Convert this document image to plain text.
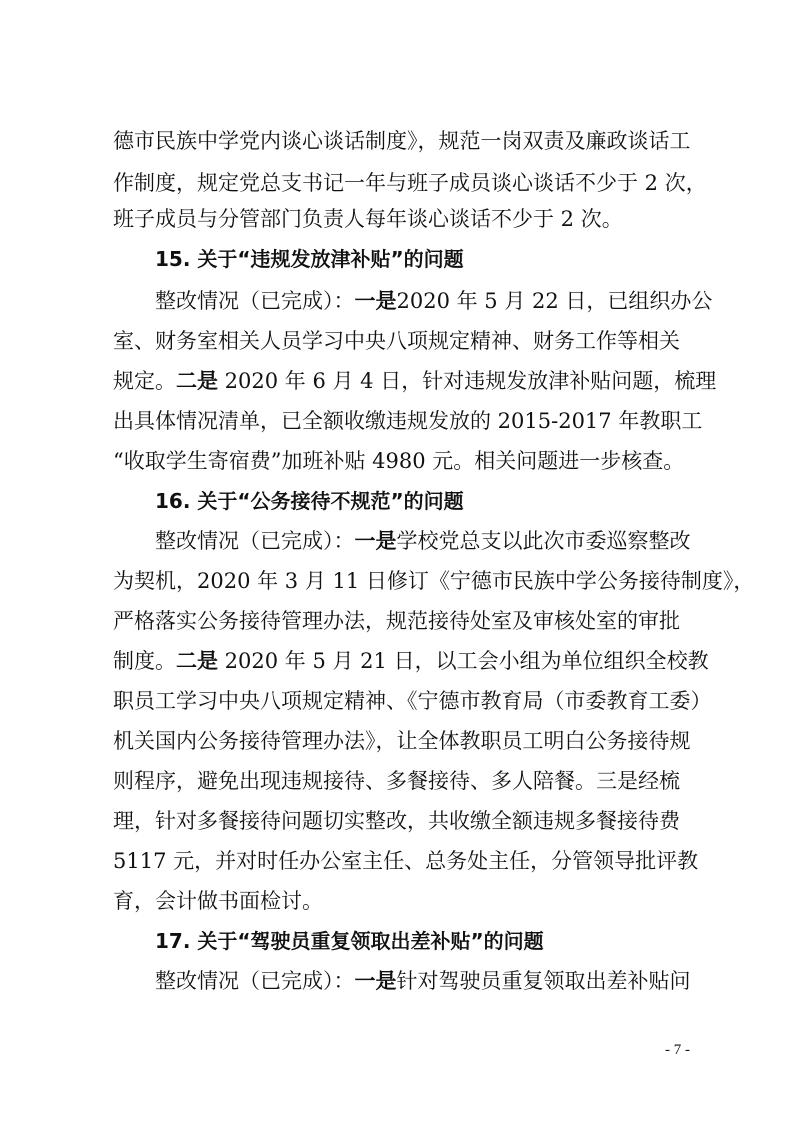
德市民族中学党内谈心谈话制度》，规范一岗双责及廉政谈话工
作制度，规定党总支书记一年与班子成员谈心谈话不少于 2 次，
班子成员与分管部门负责人每年谈心谈话不少于 2 次。
15. 关于“违规发放津补贴”的问题
整改情况（已完成）：一是2020 年 5 月 22 日，已组织办公
室、财务室相关人员学习中央八项规定精神、财务工作等相关
规定。二是 2020 年 6 月 4 日，针对违规发放津补贴问题，梳理
出具体情况清单，已全额收缴违规发放的 2015-2017 年教职工
“收取学生寄宿费”加班补贴 4980 元。相关问题进一步核查。
16. 关于“公务接待不规范”的问题
整改情况（已完成）：一是学校党总支以此次市委巡察整改
为契机，2020 年 3 月 11 日修订《宁德市民族中学公务接待制度》，
严格落实公务接待管理办法，规范接待处室及审核处室的审批
制度。二是 2020 年 5 月 21 日，以工会小组为单位组织全校教
职员工学习中央八项规定精神、《宁德市教育局（市委教育工委）
机关国内公务接待管理办法》，让全体教职员工明白公务接待规
则程序，避免出现违规接待、多餐接待、多人陪餐。三是经梳
理，针对多餐接待问题切实整改，共收缴全额违规多餐接待费
5117 元，并对时任办公室主任、总务处主任，分管领导批评教
育，会计做书面检讨。
17. 关于“驾驶员重复领取出差补贴”的问题
整改情况（已完成）：一是针对驾驶员重复领取出差补贴问
- 7 -
